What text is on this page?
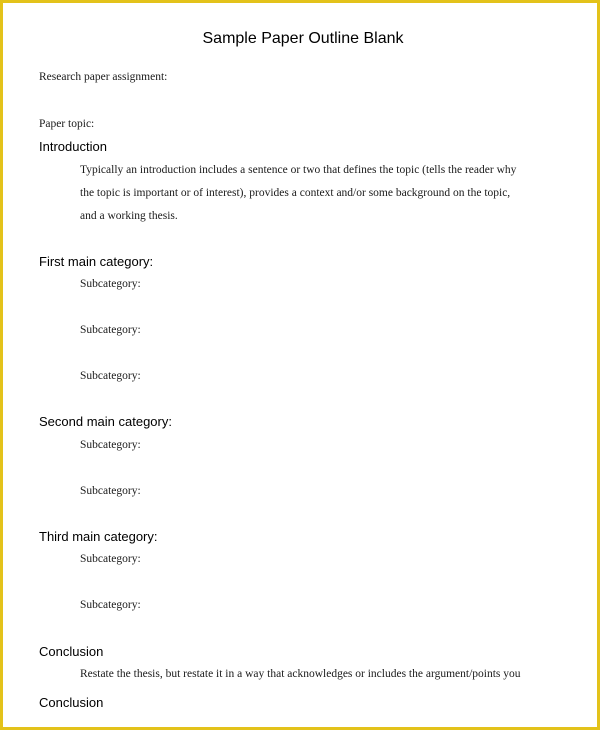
Sample Paper Outline Blank
Research paper assignment:
Paper topic:
Introduction
Typically an introduction includes a sentence or two that defines the topic (tells the reader why
the topic is important or of interest), provides a context and/or some background on the topic,
and a working thesis.
First main category:
Subcategory:
Subcategory:
Subcategory:
Second main category:
Subcategory:
Subcategory:
Third main category:
Subcategory:
Subcategory:
Conclusion
Restate the thesis, but restate it in a way that acknowledges or includes the argument/points you
Conclusion
